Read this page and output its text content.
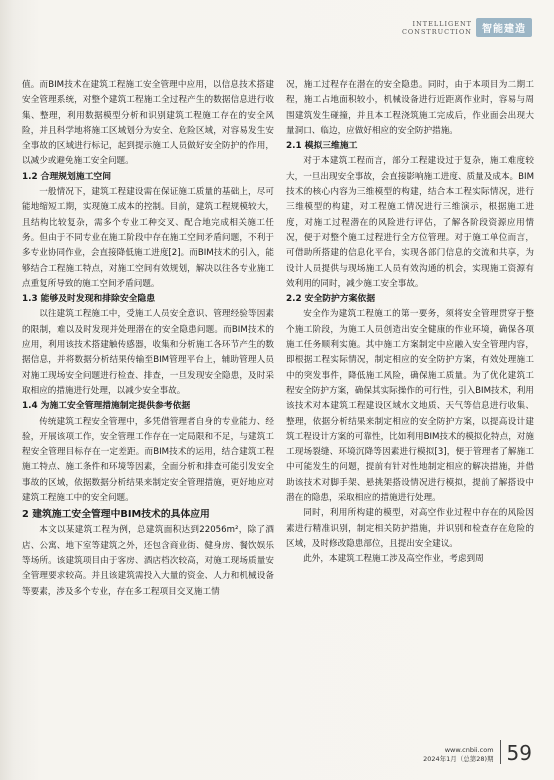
INTELLIGENT
CONSTRUCTION	智能建造

值。而BIM技术在建筑工程施工安全管理中应用，以信息技术搭建安全管理系统，对整个建筑工程施工全过程产生的数据信息进行收集、整理，利用数据模型分析和识别建筑工程施工存在的安全风险，并且科学地将施工区域划分为安全、危险区域，对容易发生安全事故的区域进行标记，起到提示施工人员做好安全防护的作用，以减少或避免施工安全问题。

1.2 合理规划施工空间

一般情况下，建筑工程建设需在保证施工质量的基础上，尽可能地缩短工期，实现施工成本的控制。目前，建筑工程规模较大，且结构比较复杂，需多个专业工种交叉、配合地完成相关施工任务。但由于不同专业在施工阶段中存在施工空间矛盾问题，不利于多专业协同作业，会直接降低施工进度[2]。而BIM技术的引入，能够结合工程施工特点，对施工空间有效规划，解决以往各专业施工点重复所导致的施工空间矛盾问题。

1.3 能够及时发现和排除安全隐患

以往建筑工程施工中，受施工人员安全意识、管理经验等因素的限制，难以及时发现并处理潜在的安全隐患问题。而BIM技术的应用，利用该技术搭建触传感器，收集和分析施工各环节产生的数据信息，并将数据分析结果传输至BIM管理平台上，辅助管理人员对施工现场安全问题进行检查、排查，一旦发现安全隐患，及时采取相应的措施进行处理，以减少安全事故。

1.4 为施工安全管理措施制定提供参考依据

传统建筑工程安全管理中，多凭借管理者自身的专业能力、经验，开展该项工作，安全管理工作存在一定局限和不足，与建筑工程安全管理目标存在一定差距。而BIM技术的运用，结合建筑工程施工特点、施工条件和环境等因素，全面分析和排查可能引发安全事故的区域，依据数据分析结果来制定安全管理措施，更好地应对建筑工程施工中的安全问题。

2 建筑施工安全管理中BIM技术的具体应用

本文以某建筑工程为例，总建筑面积达到22056m²，除了酒店、公寓、地下室等建筑之外，还包含商业街、健身房、餐饮娱乐等场所。该建筑项目由于客房、酒店档次较高，对施工现场质量安全管理要求较高。并且该建筑需投入大量的资金、人力和机械设备等要素，涉及多个专业，存在多工程项目交叉施工情

况，施工过程存在潜在的安全隐患。同时，由于本项目为二期工程，施工占地面积较小，机械设备进行近距离作业时，容易与周围建筑发生碰撞，并且本工程浇筑施工完成后，作业面会出现大量洞口、临边，应做好相应的安全防护措施。

2.1 模拟三维施工

对于本建筑工程而言，部分工程建设过于复杂，施工难度较大，一旦出现安全事故，会直接影响施工进度、质量及成本。BIM技术的核心内容为三维模型的构建，结合本工程实际情况，进行三维模型的构建，对工程施工情况进行三维演示，根据施工进度，对施工过程潜在的风险进行评估，了解各阶段资源应用情况，便于对整个施工过程进行全方位管理。对于施工单位而言，可借助所搭建的信息化平台，实现各部门信息的交流和共享，为设计人员提供与现场施工人员有效沟通的机会，实现施工资源有效利用的同时，减少施工安全事故。

2.2 安全防护方案依据

安全作为建筑工程施工的第一要务，须将安全管理贯穿于整个施工阶段，为施工人员创造出安全健康的作业环境，确保各项施工任务顺利实施。其中施工方案制定中应融入安全管理内容，即根据工程实际情况，制定相应的安全防护方案，有效处理施工中的突发事件，降低施工风险，确保施工质量。为了优化建筑工程安全防护方案，确保其实际操作的可行性，引入BIM技术，利用该技术对本建筑工程建设区域水文地质、天气等信息进行收集、整理，依据分析结果来制定相应的安全防护方案，以提高设计建筑工程设计方案的可靠性，比如利用BIM技术的模拟化特点，对施工现场裂缝、环境沉降等因素进行模拟[3]，便于管理者了解施工中可能发生的问题，提前有针对性地制定相应的解决措施，并借助该技术对脚手架、悬挑架搭设情况进行模拟，提前了解搭设中潜在的隐患，采取相应的措施进行处理。

同时，利用所构建的模型，对高空作业过程中存在的风险因素进行精准识别，制定相关防护措施，并识别和检查存在危险的区域，及时修改隐患部位，且提出安全建议。

此外，本建筑工程施工涉及高空作业，考虑到周

www.cnbii.com
2024年1月（总第28)期 59
